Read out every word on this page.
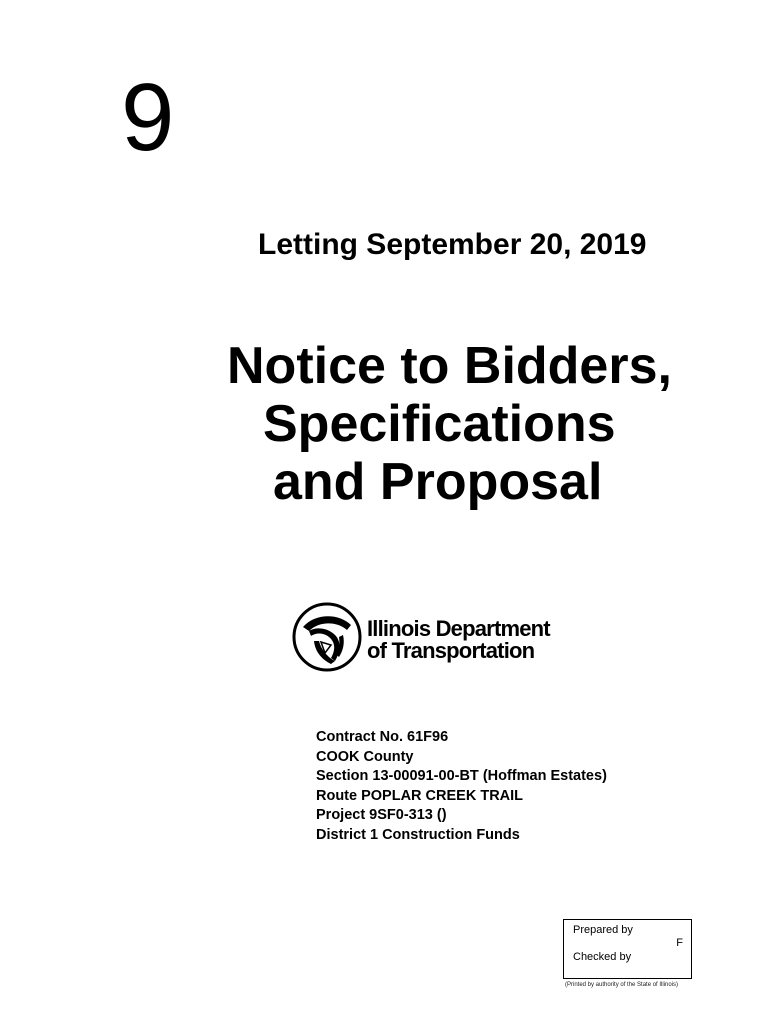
9
Letting September 20, 2019
Notice to Bidders,
Specifications
and Proposal
Illinois Department
of Transportation
Contract No. 61F96
COOK County
Section 13-00091-00-BT (Hoffman Estates)
Route POPLAR CREEK TRAIL
Project 9SF0-313 ()
District 1 Construction Funds
Prepared by
F
Checked by
(Printed by authority of the State of Illinois)
